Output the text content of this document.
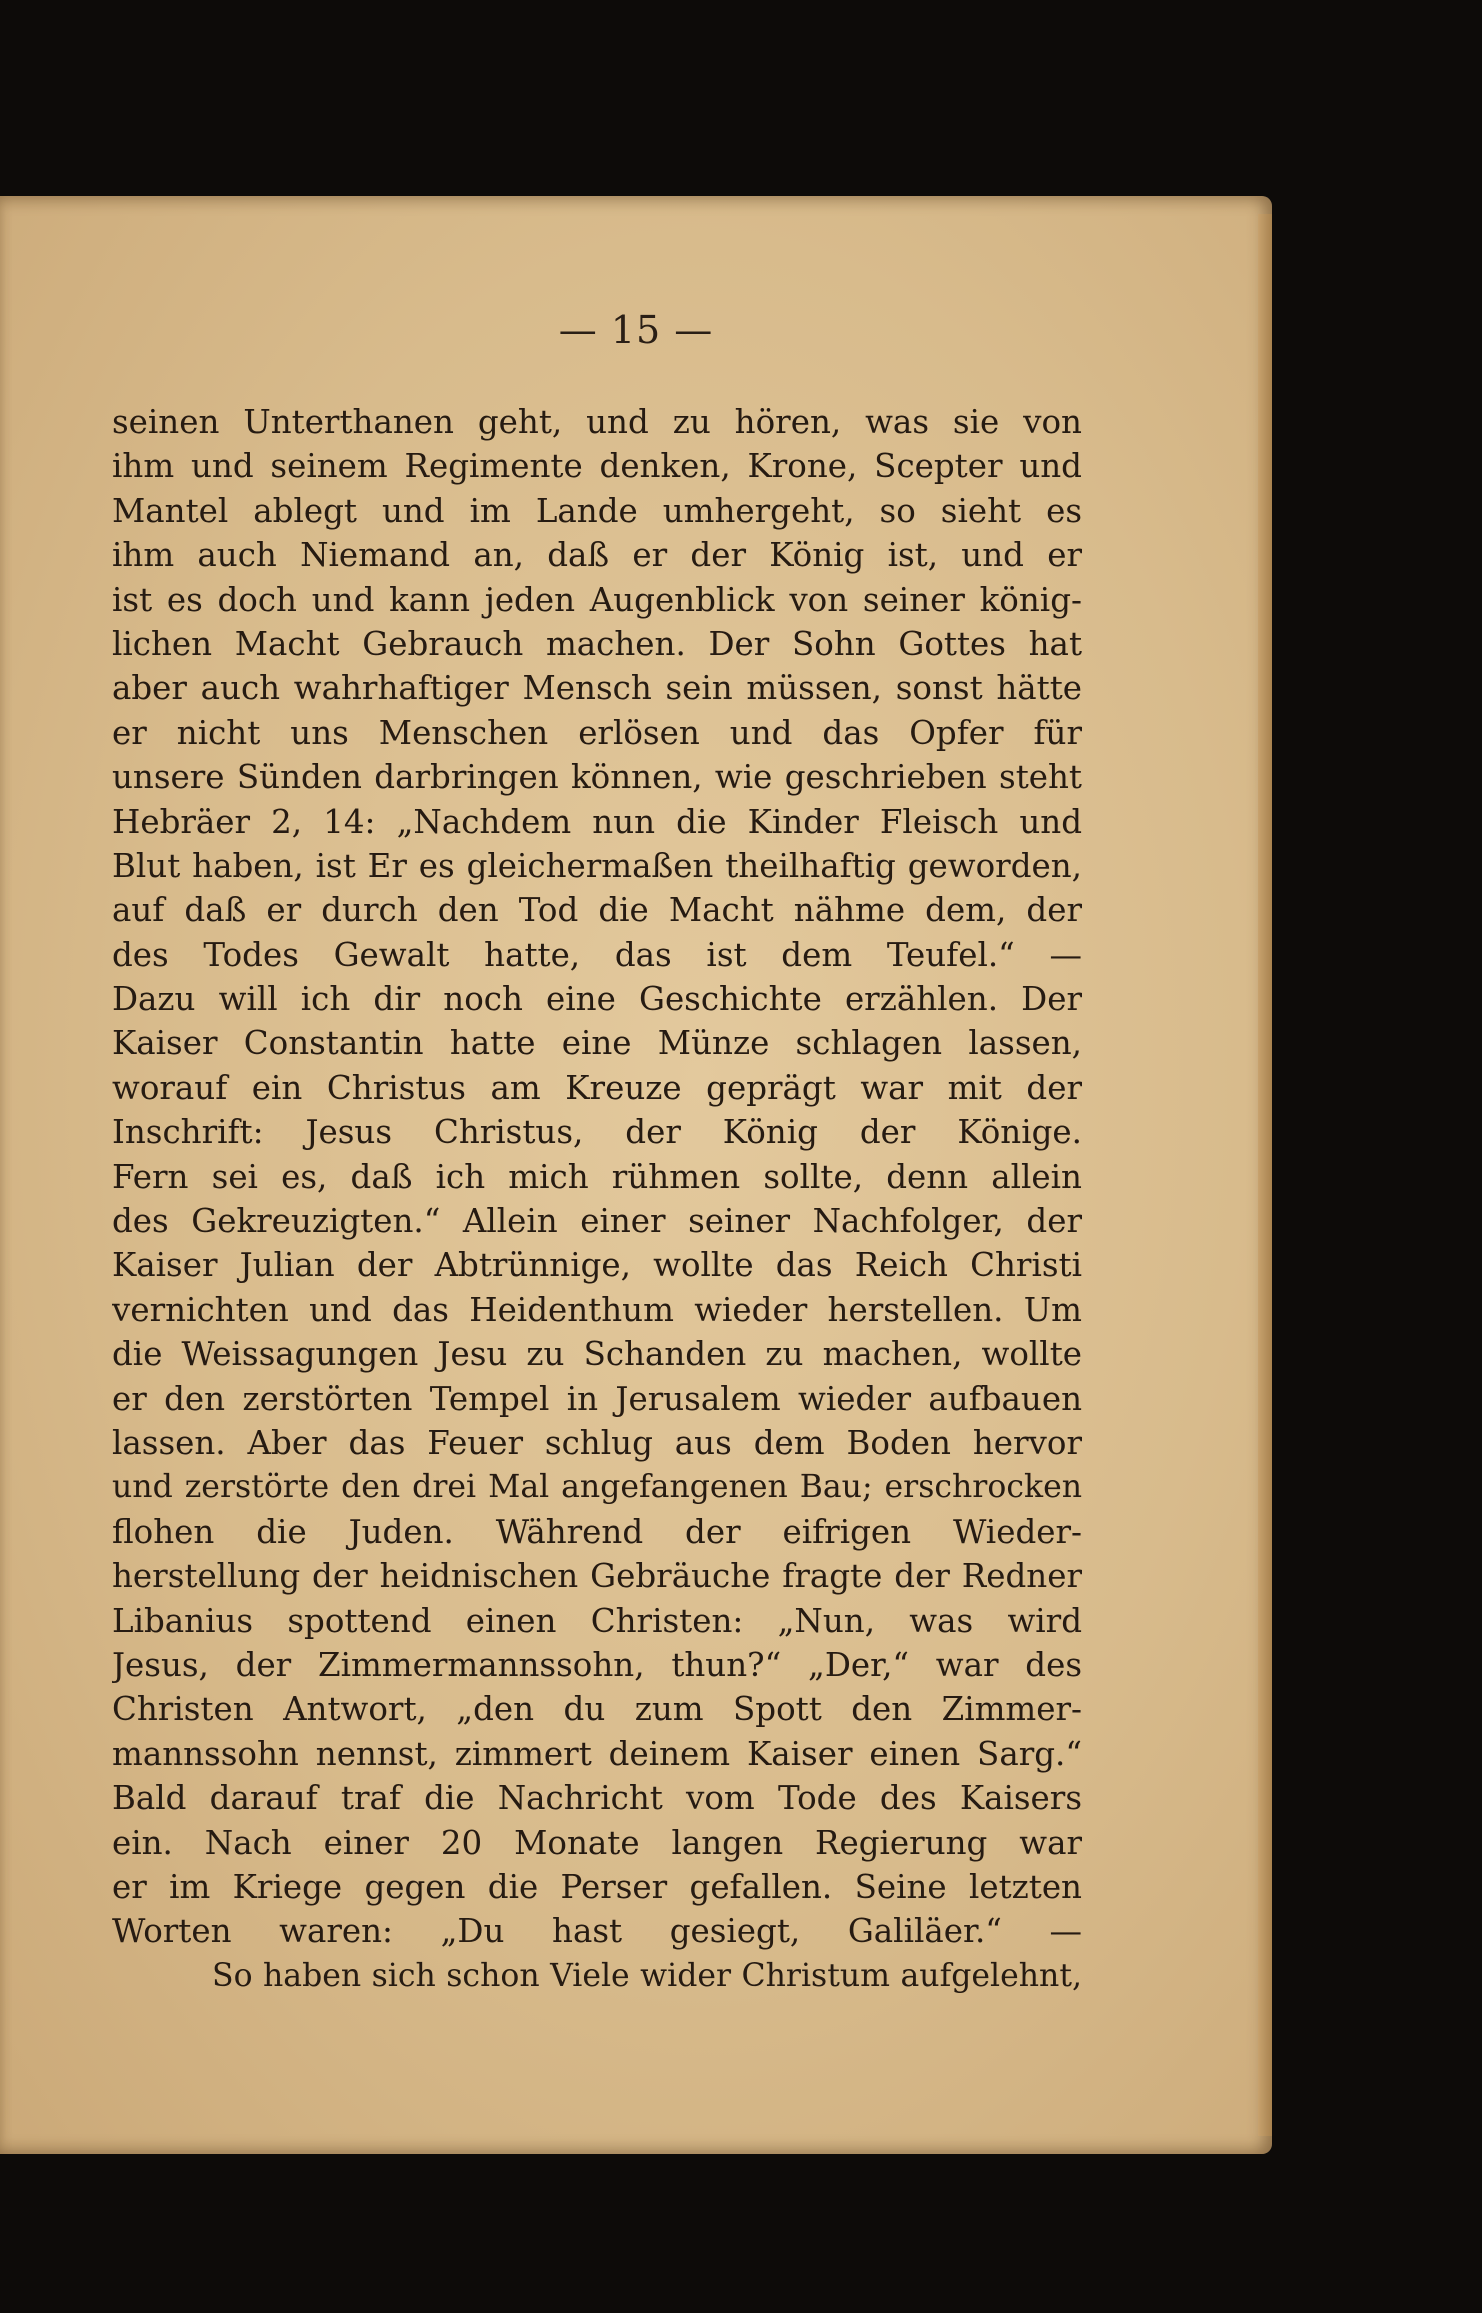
— 15 —
seinen Unterthanen geht, und zu hören, was sie von
ihm und seinem Regimente denken, Krone, Scepter und
Mantel ablegt und im Lande umhergeht, so sieht es
ihm auch Niemand an, daß er der König ist, und er
ist es doch und kann jeden Augenblick von seiner könig-
lichen Macht Gebrauch machen. Der Sohn Gottes hat
aber auch wahrhaftiger Mensch sein müssen, sonst hätte
er nicht uns Menschen erlösen und das Opfer für
unsere Sünden darbringen können, wie geschrieben steht
Hebräer 2, 14: „Nachdem nun die Kinder Fleisch und
Blut haben, ist Er es gleichermaßen theilhaftig geworden,
auf daß er durch den Tod die Macht nähme dem, der
des Todes Gewalt hatte, das ist dem Teufel.“ —
Dazu will ich dir noch eine Geschichte erzählen. Der
Kaiser Constantin hatte eine Münze schlagen lassen,
worauf ein Christus am Kreuze geprägt war mit der
Inschrift: Jesus Christus, der König der Könige.
Fern sei es, daß ich mich rühmen sollte, denn allein
des Gekreuzigten.“ Allein einer seiner Nachfolger, der
Kaiser Julian der Abtrünnige, wollte das Reich Christi
vernichten und das Heidenthum wieder herstellen. Um
die Weissagungen Jesu zu Schanden zu machen, wollte
er den zerstörten Tempel in Jerusalem wieder aufbauen
lassen. Aber das Feuer schlug aus dem Boden hervor
und zerstörte den drei Mal angefangenen Bau; erschrocken
flohen die Juden. Während der eifrigen Wieder-
herstellung der heidnischen Gebräuche fragte der Redner
Libanius spottend einen Christen: „Nun, was wird
Jesus, der Zimmermannssohn, thun?“ „Der,“ war des
Christen Antwort, „den du zum Spott den Zimmer-
mannssohn nennst, zimmert deinem Kaiser einen Sarg.“
Bald darauf traf die Nachricht vom Tode des Kaisers
ein. Nach einer 20 Monate langen Regierung war
er im Kriege gegen die Perser gefallen. Seine letzten
Worten waren: „Du hast gesiegt, Galiläer.“ —
So haben sich schon Viele wider Christum aufgelehnt,
